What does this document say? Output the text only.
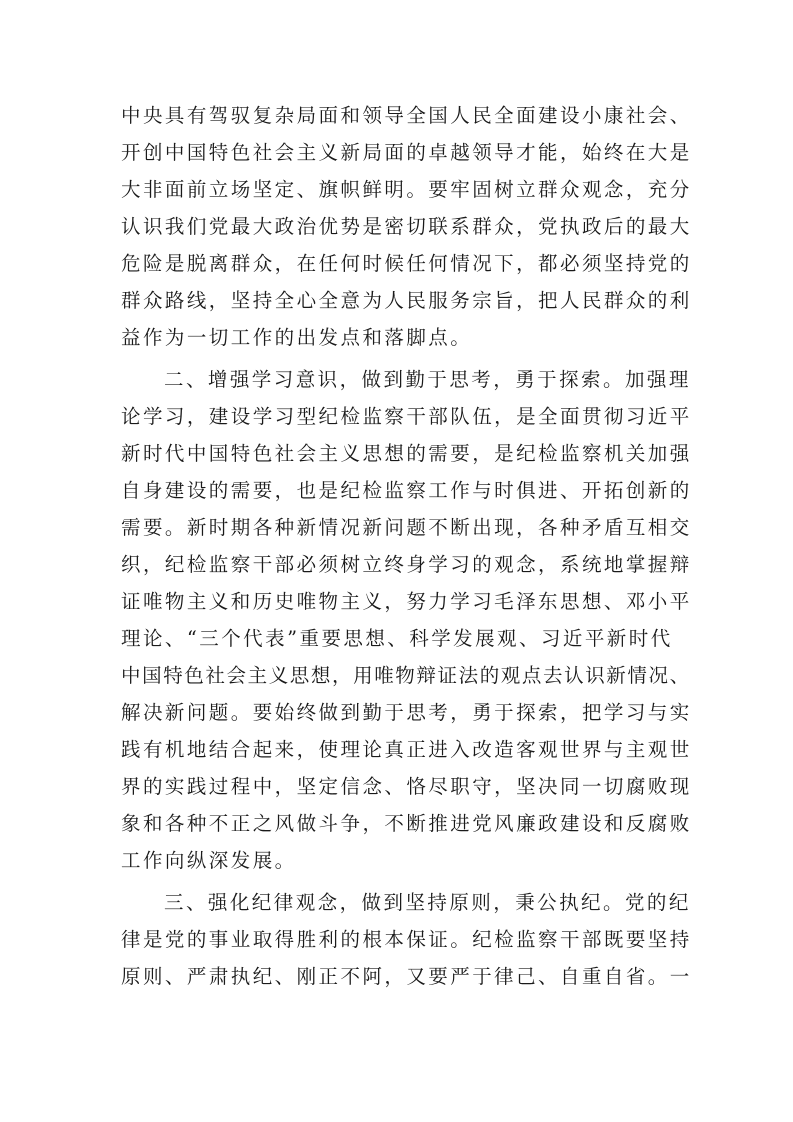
中央具有驾驭复杂局面和领导全国人民全面建设小康社会、
开创中国特色社会主义新局面的卓越领导才能，始终在大是
大非面前立场坚定、旗帜鲜明。要牢固树立群众观念，充分
认识我们党最大政治优势是密切联系群众，党执政后的最大
危险是脱离群众，在任何时候任何情况下，都必须坚持党的
群众路线，坚持全心全意为人民服务宗旨，把人民群众的利
益作为一切工作的出发点和落脚点。
二、增强学习意识，做到勤于思考，勇于探索。加强理
论学习，建设学习型纪检监察干部队伍，是全面贯彻习近平
新时代中国特色社会主义思想的需要，是纪检监察机关加强
自身建设的需要，也是纪检监察工作与时俱进、开拓创新的
需要。新时期各种新情况新问题不断出现，各种矛盾互相交
织，纪检监察干部必须树立终身学习的观念，系统地掌握辩
证唯物主义和历史唯物主义，努力学习毛泽东思想、邓小平
理论、“三个代表”重要思想、科学发展观、习近平新时代
中国特色社会主义思想，用唯物辩证法的观点去认识新情况、
解决新问题。要始终做到勤于思考，勇于探索，把学习与实
践有机地结合起来，使理论真正进入改造客观世界与主观世
界的实践过程中，坚定信念、恪尽职守，坚决同一切腐败现
象和各种不正之风做斗争，不断推进党风廉政建设和反腐败
工作向纵深发展。
三、强化纪律观念，做到坚持原则，秉公执纪。党的纪
律是党的事业取得胜利的根本保证。纪检监察干部既要坚持
原则、严肃执纪、刚正不阿，又要严于律己、自重自省。一
